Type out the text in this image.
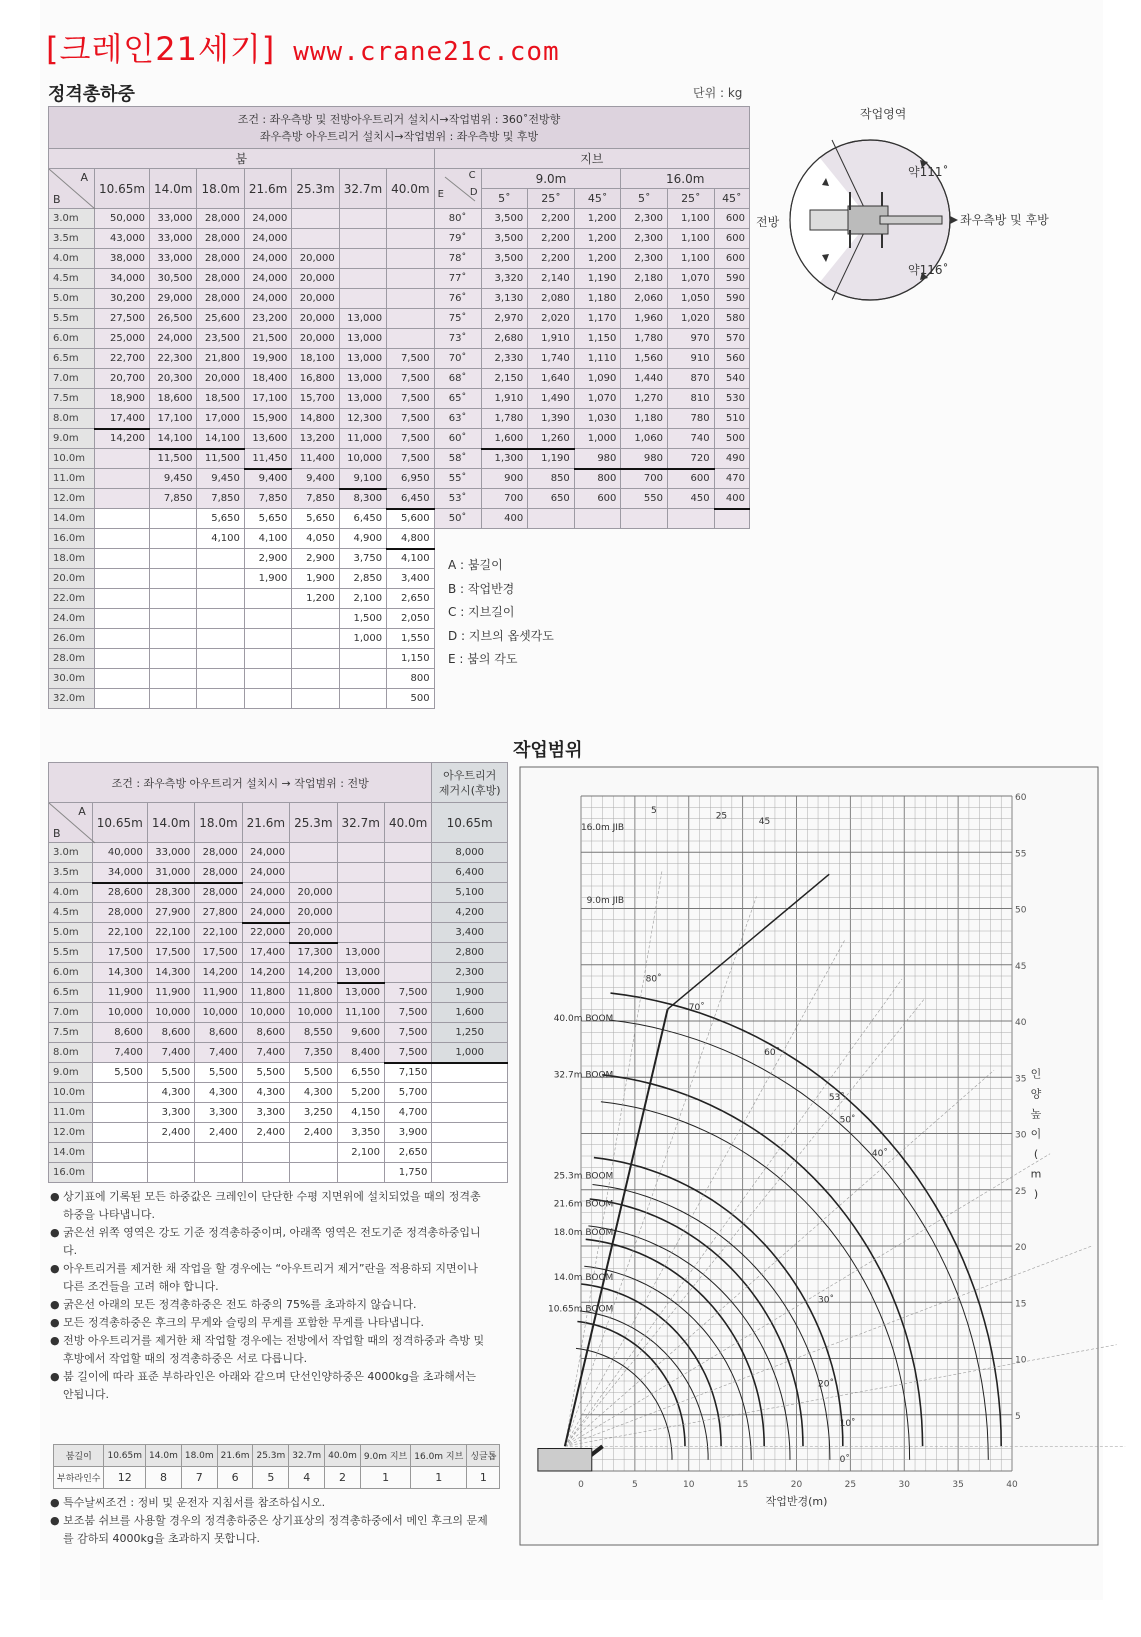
[크레인21세기] www.crane21c.com
정격총하중	단위 : kg
조건 : 좌우측방 및 전방아우트리거 설치시→작업범위 : 360˚전방향
좌우측방 아우트리거 설치시→작업범위 : 좌우측방 및 후방														

붐								지브						

A
B	10.65m	14.0m	18.0m	21.6m	25.3m	32.7m	40.0m	C
D
E	9.0m			16.0m		
									5˚	25˚	45˚	5˚	25˚	45˚
3.0m	50,000	33,000	28,000	24,000				80˚	3,500	2,200	1,200	2,300	1,100	600
3.5m	43,000	33,000	28,000	24,000				79˚	3,500	2,200	1,200	2,300	1,100	600
4.0m	38,000	33,000	28,000	24,000	20,000			78˚	3,500	2,200	1,200	2,300	1,100	600
4.5m	34,000	30,500	28,000	24,000	20,000			77˚	3,320	2,140	1,190	2,180	1,070	590
5.0m	30,200	29,000	28,000	24,000	20,000			76˚	3,130	2,080	1,180	2,060	1,050	590
5.5m	27,500	26,500	25,600	23,200	20,000	13,000		75˚	2,970	2,020	1,170	1,960	1,020	580
6.0m	25,000	24,000	23,500	21,500	20,000	13,000		73˚	2,680	1,910	1,150	1,780	970	570
6.5m	22,700	22,300	21,800	19,900	18,100	13,000	7,500	70˚	2,330	1,740	1,110	1,560	910	560
7.0m	20,700	20,300	20,000	18,400	16,800	13,000	7,500	68˚	2,150	1,640	1,090	1,440	870	540
7.5m	18,900	18,600	18,500	17,100	15,700	13,000	7,500	65˚	1,910	1,490	1,070	1,270	810	530
8.0m	17,400	17,100	17,000	15,900	14,800	12,300	7,500	63˚	1,780	1,390	1,030	1,180	780	510
9.0m	14,200	14,100	14,100	13,600	13,200	11,000	7,500	60˚	1,600	1,260	1,000	1,060	740	500
10.0m		11,500	11,500	11,450	11,400	10,000	7,500	58˚	1,300	1,190	980	980	720	490
11.0m		9,450	9,450	9,400	9,400	9,100	6,950	55˚	900	850	800	700	600	470
12.0m		7,850	7,850	7,850	7,850	8,300	6,450	53˚	700	650	600	550	450	400
14.0m			5,650	5,650	5,650	6,450	5,600	50˚	400					
16.0m			4,100	4,100	4,050	4,900	4,800							
18.0m				2,900	2,900	3,750	4,100							
20.0m				1,900	1,900	2,850	3,400							
22.0m					1,200	2,100	2,650							
24.0m						1,500	2,050							
26.0m						1,000	1,550							
28.0m							1,150							
30.0m							800							
32.0m							500							
A : 붐길이
B : 작업반경
C : 지브길이
D : 지브의 옵셋각도
E : 붐의 각도
작업영역
약111˚
약116˚
전방	좌우측방 및 후방
작업범위
조건 : 좌우측방 아우트리거 설치시 → 작업범위 : 전방								아우트리거 제거시(후방)

A
B	10.65m	14.0m	18.0m	21.6m	25.3m	32.7m	40.0m	10.65m
3.0m	40,000	33,000	28,000	24,000				8,000
3.5m	34,000	31,000	28,000	24,000				6,400
4.0m	28,600	28,300	28,000	24,000	20,000			5,100
4.5m	28,000	27,900	27,800	24,000	20,000			4,200
5.0m	22,100	22,100	22,100	22,000	20,000			3,400
5.5m	17,500	17,500	17,500	17,400	17,300	13,000		2,800
6.0m	14,300	14,300	14,200	14,200	14,200	13,000		2,300
6.5m	11,900	11,900	11,900	11,800	11,800	13,000	7,500	1,900
7.0m	10,000	10,000	10,000	10,000	10,000	11,100	7,500	1,600
7.5m	8,600	8,600	8,600	8,600	8,550	9,600	7,500	1,250
8.0m	7,400	7,400	7,400	7,400	7,350	8,400	7,500	1,000
9.0m	5,500	5,500	5,500	5,500	5,500	6,550	7,150	
10.0m		4,300	4,300	4,300	4,300	5,200	5,700	
11.0m		3,300	3,300	3,300	3,250	4,150	4,700	
12.0m		2,400	2,400	2,400	2,400	3,350	3,900	
14.0m						2,100	2,650	
16.0m							1,750	
● 상기표에 기록된 모든 하중값은 크레인이 단단한 수평 지면위에 설치되었을 때의 정격총하중을 나타냅니다.
● 굵은선 위쪽 영역은 강도 기준 정격총하중이며, 아래쪽 영역은 전도기준 정격총하중입니다.
● 아우트리거를 제거한 채 작업을 할 경우에는 “아우트리거 제거”란을 적용하되 지면이나 다른 조건들을 고려 해야 합니다.
● 굵은선 아래의 모든 정격총하중은 전도 하중의 75%를 초과하지 않습니다.
● 모든 정격총하중은 후크의 무게와 슬링의 무게를 포함한 무게를 나타냅니다.
● 전방 아우트리거를 제거한 채 작업할 경우에는 전방에서 작업할 때의 정격하중과 측방 및 후방에서 작업할 때의 정격총하중은 서로 다릅니다.
● 붐 길이에 따라 표준 부하라인은 아래와 같으며 단선인양하중은 4000kg을 초과해서는 안됩니다.
붐길이	10.65m	14.0m	18.0m	21.6m	25.3m	32.7m	40.0m	9.0m 지브	16.0m 지브	싱글톱
부하라인수	12	8	7	6	5	4	2	1	1	1
● 특수날씨조건 : 정비 및 운전자 지침서를 참조하십시오.
● 보조붐 쉬브를 사용할 경우의 정격총하중은 상기표상의 정격총하중에서 메인 후크의 문제를 감하되 4000kg을 초과하지 못합니다.
0	5	10	15	20	25	30	35	40
5
10
15
20
25
30
35
40
45
50
55
60
작업반경(m)
인
양
높
이
(
m
)
16.0m JIB
9.0m JIB
40.0m BOOM
32.7m BOOM
25.3m BOOM
21.6m BOOM
18.0m BOOM
14.0m BOOM
10.65m BOOM
80˚
70˚
60˚
53˚
50˚
40˚
30˚
20˚
10˚
0˚
5
25
45
